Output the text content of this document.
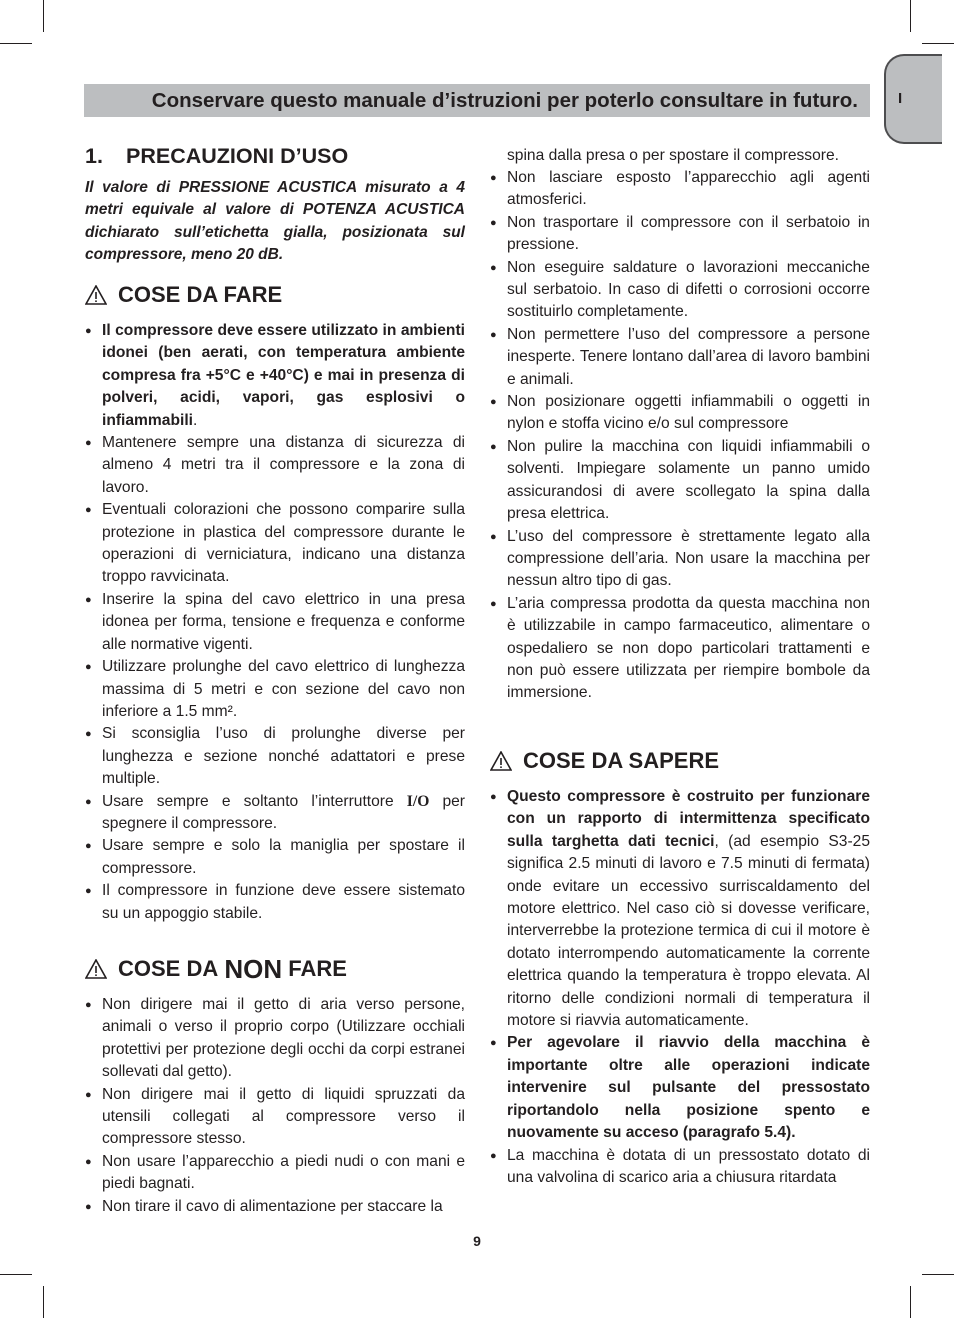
I
Conservare questo manuale d’istruzioni per poterlo consultare in futuro.
1. PRECAUZIONI D’USO
Il valore di PRESSIONE ACUSTICA misurato a 4 metri equivale al valore di POTENZA ACUSTICA dichiarato sull’etichetta gialla, posizionata sul compressore, meno 20 dB.
COSE DA FARE
● Il compressore deve essere utilizzato in ambienti idonei (ben aerati, con temperatura ambiente compresa fra +5°C e +40°C) e mai in presenza di polveri, acidi, vapori, gas esplosivi o infiammabili.
● Mantenere sempre una distanza di sicurezza di almeno 4 metri tra il compressore e la zona di lavoro.
● Eventuali colorazioni che possono comparire sulla protezione in plastica del compressore durante le operazioni di verniciatura, indicano una distanza troppo ravvicinata.
● Inserire la spina del cavo elettrico in una presa idonea per forma, tensione e frequenza e conforme alle normative vigenti.
● Utilizzare prolunghe del cavo elettrico di lunghezza massima di 5 metri e con sezione del cavo non inferiore a 1.5 mm².
● Si sconsiglia l’uso di prolunghe diverse per lunghezza e sezione nonché adattatori e prese multiple.
● Usare sempre e soltanto l’interruttore I/O per spegnere il compressore.
● Usare sempre e solo la maniglia per spostare il compressore.
● Il compressore in funzione deve essere sistemato su un appoggio stabile.
COSE DA
NON
FARE
● Non dirigere mai il getto di aria verso persone, animali o verso il proprio corpo (Utilizzare occhiali protettivi per protezione degli occhi da corpi estranei sollevati dal getto).
● Non dirigere mai il getto di liquidi spruzzati da utensili collegati al compressore verso il compressore stesso.
● Non usare l’apparecchio a piedi nudi o con mani e piedi bagnati.
● Non tirare il cavo di alimentazione per staccare la
spina dalla presa o per spostare il compressore.
● Non lasciare esposto l’apparecchio agli agenti atmosferici.
● Non trasportare il compressore con il serbatoio in pressione.
● Non eseguire saldature o lavorazioni meccaniche sul serbatoio. In caso di difetti o corrosioni occorre sostituirlo completamente.
● Non permettere l’uso del compressore a persone inesperte. Tenere lontano dall’area di lavoro bambini e animali.
● Non posizionare oggetti infiammabili o oggetti in nylon e stoffa vicino e/o sul compressore
● Non pulire la macchina con liquidi infiammabili o solventi. Impiegare solamente un panno umido assicurandosi di avere scollegato la spina dalla presa elettrica.
● L’uso del compressore è strettamente legato alla compressione dell’aria. Non usare la macchina per nessun altro tipo di gas.
● L’aria compressa prodotta da questa macchina non è utilizzabile in campo farmaceutico, alimentare o ospedaliero se non dopo particolari trattamenti e non può essere utilizzata per riempire bombole da immersione.
COSE DA SAPERE
● Questo compressore è costruito per funzionare con un rapporto di intermittenza specificato sulla targhetta dati tecnici, (ad esempio S3-25 significa 2.5 minuti di lavoro e 7.5 minuti di fermata) onde evitare un eccessivo surriscaldamento del motore elettrico. Nel caso ciò si dovesse verificare, interverrebbe la protezione termica di cui il motore è dotato interrompendo automaticamente la corrente elettrica quando la temperatura è troppo elevata. Al ritorno delle condizioni normali di temperatura il motore si riavvia automaticamente.
● Per agevolare il riavvio della macchina è importante oltre alle operazioni indicate intervenire sul pulsante del pressostato riportandolo nella posizione spento e nuovamente su acceso (paragrafo 5.4).
● La macchina è dotata di un pressostato dotato di una valvolina di scarico aria a chiusura ritardata
9
